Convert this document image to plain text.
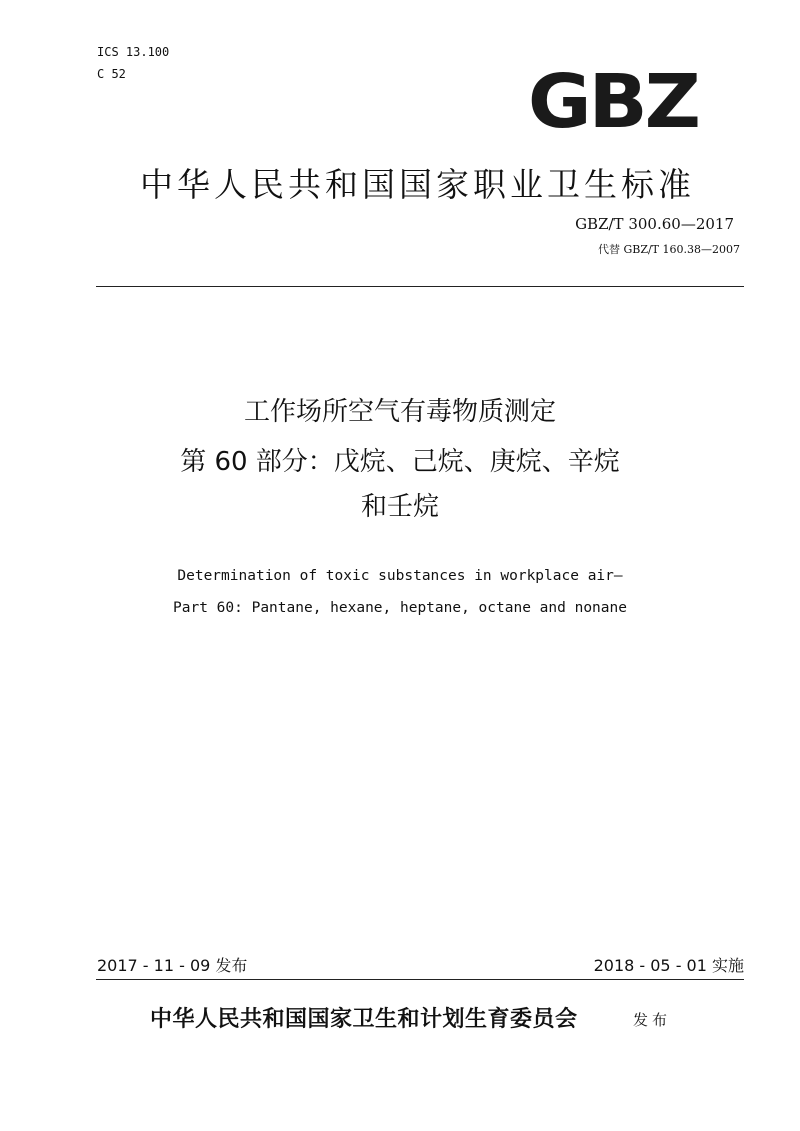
ICS 13.100
C 52	GBZ
中华人民共和国国家职业卫生标准
GBZ/T 300.60—2017
代替 GBZ/T 160.38—2007
工作场所空气有毒物质测定
第 60 部分：戊烷、己烷、庚烷、辛烷
和壬烷
Determination of toxic substances in workplace air—
Part 60: Pantane, hexane, heptane, octane and nonane
2017 - 11 - 09 发布	2018 - 05 - 01 实施
中华人民共和国国家卫生和计划生育委员会	发布
